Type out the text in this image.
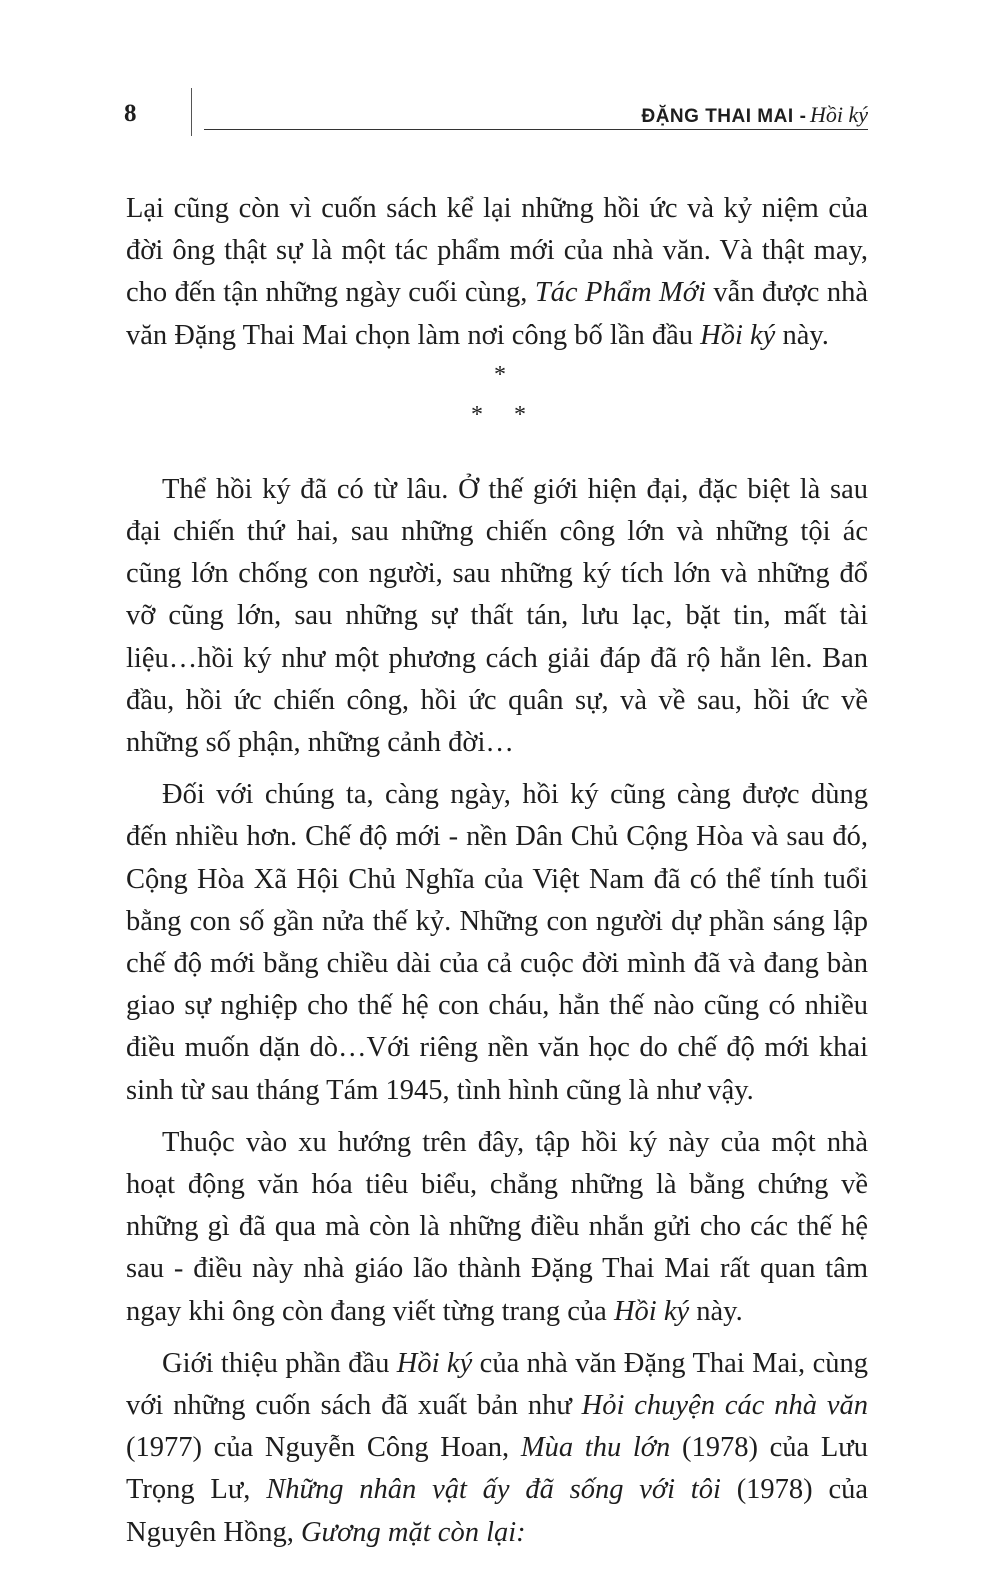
8	ĐẶNG THAI MAI - Hồi ký

Lại cũng còn vì cuốn sách kể lại những hồi ức và kỷ niệm của đời ông thật sự là một tác phẩm mới của nhà văn. Và thật may, cho đến tận những ngày cuối cùng, Tác Phẩm Mới vẫn được nhà văn Đặng Thai Mai chọn làm nơi công bố lần đầu Hồi ký này.

*
* *

Thể hồi ký đã có từ lâu. Ở thế giới hiện đại, đặc biệt là sau đại chiến thứ hai, sau những chiến công lớn và những tội ác cũng lớn chống con người, sau những ký tích lớn và những đổ vỡ cũng lớn, sau những sự thất tán, lưu lạc, bặt tin, mất tài liệu…hồi ký như một phương cách giải đáp đã rộ hẳn lên. Ban đầu, hồi ức chiến công, hồi ức quân sự, và về sau, hồi ức về những số phận, những cảnh đời…

Đối với chúng ta, càng ngày, hồi ký cũng càng được dùng đến nhiều hơn. Chế độ mới - nền Dân Chủ Cộng Hòa và sau đó, Cộng Hòa Xã Hội Chủ Nghĩa của Việt Nam đã có thể tính tuổi bằng con số gần nửa thế kỷ. Những con người dự phần sáng lập chế độ mới bằng chiều dài của cả cuộc đời mình đã và đang bàn giao sự nghiệp cho thế hệ con cháu, hẳn thế nào cũng có nhiều điều muốn dặn dò…Với riêng nền văn học do chế độ mới khai sinh từ sau tháng Tám 1945, tình hình cũng là như vậy.

Thuộc vào xu hướng trên đây, tập hồi ký này của một nhà hoạt động văn hóa tiêu biểu, chẳng những là bằng chứng về những gì đã qua mà còn là những điều nhắn gửi cho các thế hệ sau - điều này nhà giáo lão thành Đặng Thai Mai rất quan tâm ngay khi ông còn đang viết từng trang của Hồi ký này.

Giới thiệu phần đầu Hồi ký của nhà văn Đặng Thai Mai, cùng với những cuốn sách đã xuất bản như Hỏi chuyện các nhà văn (1977) của Nguyễn Công Hoan, Mùa thu lớn (1978) của Lưu Trọng Lư, Những nhân vật ấy đã sống với tôi (1978) của Nguyên Hồng, Gương mặt còn lại:
